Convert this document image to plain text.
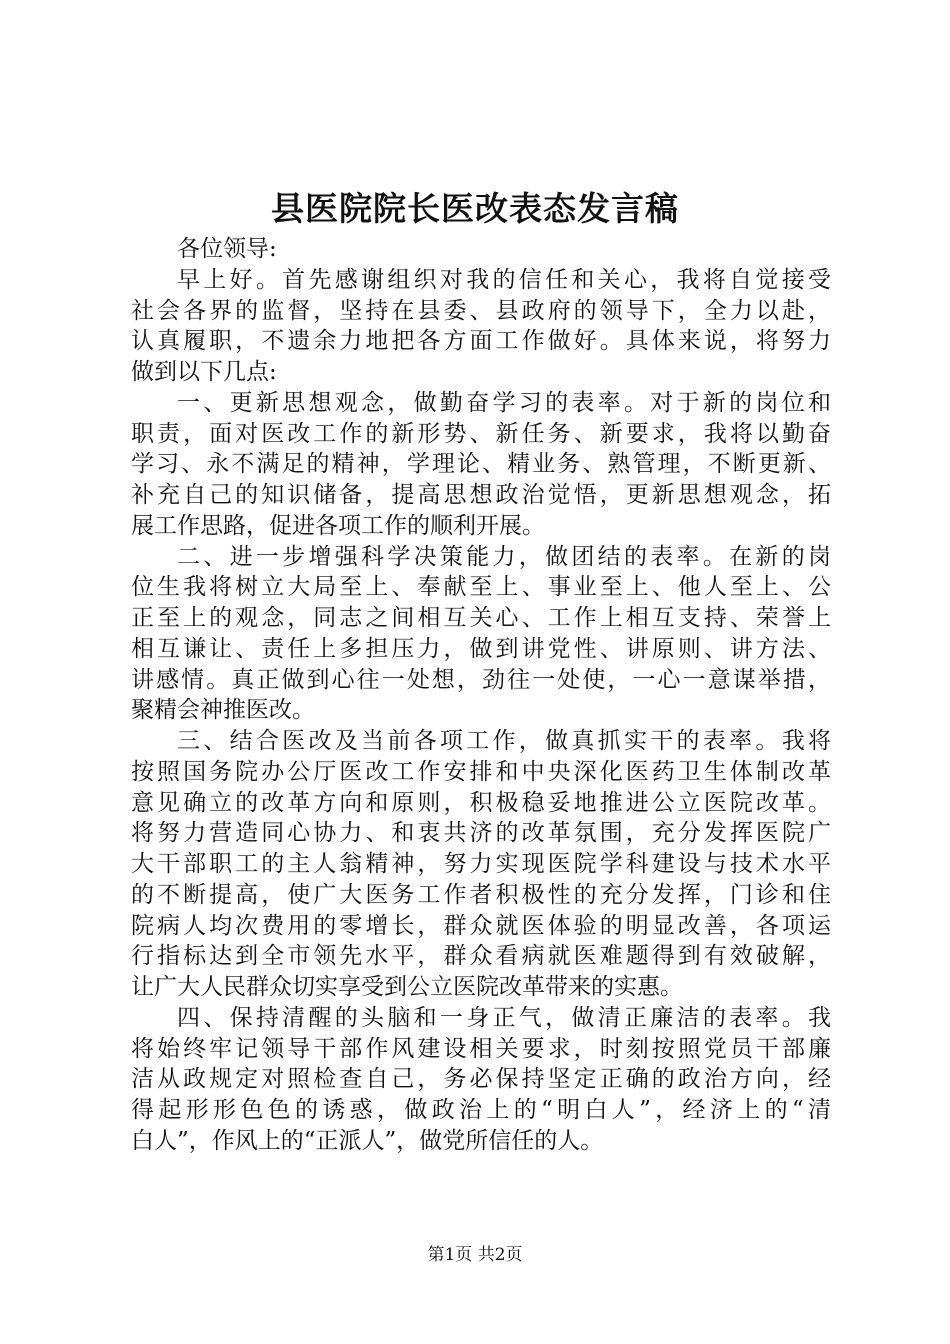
县医院院长医改表态发言稿
各位领导:
早上好。首先感谢组织对我的信任和关心，我将自觉接受
社会各界的监督，坚持在县委、县政府的领导下，全力以赴，
认真履职，不遗余力地把各方面工作做好。具体来说，将努力
做到以下几点:
一、更新思想观念，做勤奋学习的表率。对于新的岗位和
职责，面对医改工作的新形势、新任务、新要求，我将以勤奋
学习、永不满足的精神，学理论、精业务、熟管理，不断更新、
补充自己的知识储备，提高思想政治觉悟，更新思想观念，拓
展工作思路，促进各项工作的顺利开展。
二、进一步增强科学决策能力，做团结的表率。在新的岗
位生我将树立大局至上、奉献至上、事业至上、他人至上、公
正至上的观念，同志之间相互关心、工作上相互支持、荣誉上
相互谦让、责任上多担压力，做到讲党性、讲原则、讲方法、
讲感情。真正做到心往一处想，劲往一处使，一心一意谋举措，
聚精会神推医改。
三、结合医改及当前各项工作，做真抓实干的表率。我将
按照国务院办公厅医改工作安排和中央深化医药卫生体制改革
意见确立的改革方向和原则，积极稳妥地推进公立医院改革。
将努力营造同心协力、和衷共济的改革氛围，充分发挥医院广
大干部职工的主人翁精神，努力实现医院学科建设与技术水平
的不断提高，使广大医务工作者积极性的充分发挥，门诊和住
院病人均次费用的零增长，群众就医体验的明显改善，各项运
行指标达到全市领先水平，群众看病就医难题得到有效破解，
让广大人民群众切实享受到公立医院改革带来的实惠。
四、保持清醒的头脑和一身正气，做清正廉洁的表率。我
将始终牢记领导干部作风建设相关要求，时刻按照党员干部廉
洁从政规定对照检查自己，务必保持坚定正确的政治方向，经
得起形形色色的诱惑，做政治上的“明白人”，经济上的“清
白人”，作风上的“正派人”，做党所信任的人。
第1页 共2页
